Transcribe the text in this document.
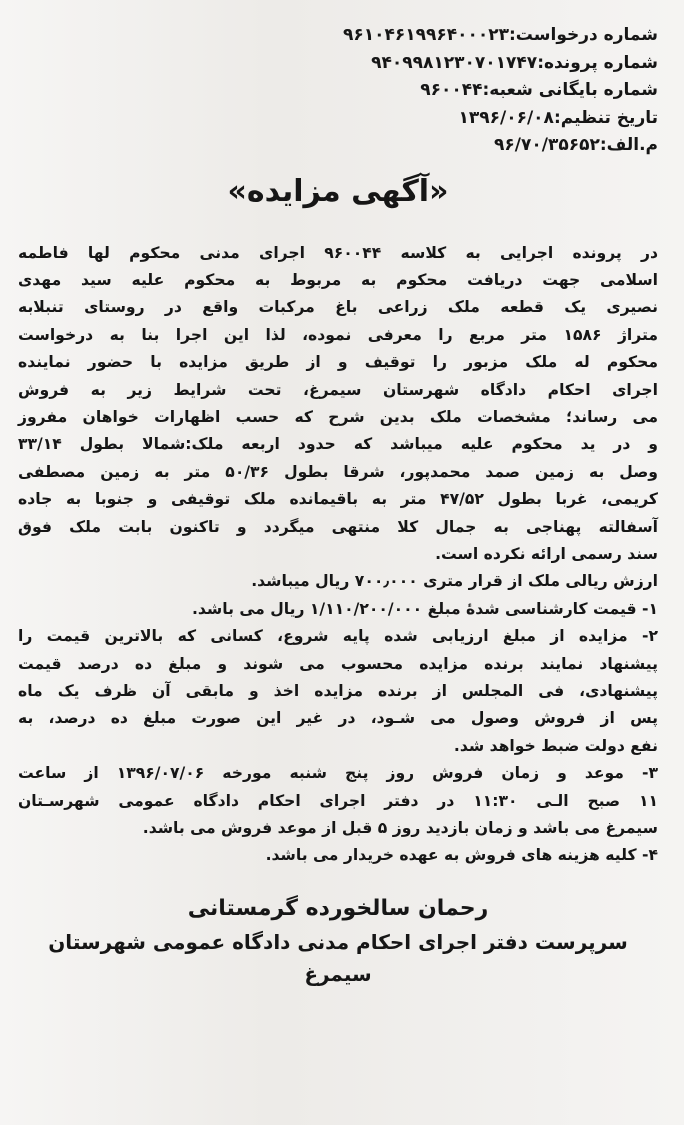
شماره درخواست:۹۶۱۰۴۶۱۹۹۶۴۰۰۰۲۳
شماره پرونده:۹۴۰۹۹۸۱۲۳۰۷۰۱۷۴۷
شماره بایگانی شعبه:۹۶۰۰۴۴
تاریخ تنظیم:۱۳۹۶/۰۶/۰۸
م.الف:۹۶/۷۰/۳۵۶۵۲
«آگهی مزایده»
در پرونده اجرایی به کلاسه ۹۶۰۰۴۴ اجرای مدنی محکوم لها فاطمه
اسلامی جهت دریافت محکوم به مربوط به محکوم علیه سید مهدی
نصیری یک قطعه ملک زراعی باغ مرکبات واقع در روستای تنبلابه
متراژ ۱۵۸۶ متر مربع را معرفی نموده، لذا این اجرا بنا به درخواست
محکوم له ملک مزبور را توقیف و از طریق مزایده با حضور نماینده
اجرای احکام دادگاه شهرستان سیمرغ، تحت شرایط زیر به فروش
می رساند؛ مشخصات ملک بدین شرح که حسب اظهارات خواهان مفروز
و در ید محکوم علیه میباشد که حدود اربعه ملک:شمالا بطول ۳۳/۱۴
وصل به زمین صمد محمدپور، شرقا بطول ۵۰/۳۶ متر به زمین مصطفی
کریمی، غربا بطول ۴۷/۵۲ متر به باقیمانده ملک توقیفی و جنوبا به جاده
آسفالته پهناجی به جمال کلا منتهی میگردد و تاکنون بابت ملک فوق
سند رسمی ارائه نکرده است.
ارزش ریالی ملک از قرار متری ۷۰۰٫۰۰۰ ریال میباشد.
۱- قیمت کارشناسی شدهٔ مبلغ ۱/۱۱۰/۲۰۰/۰۰۰ ریال می باشد.
۲- مزایده از مبلغ ارزیابی شده پایه شروع، کسانی که بالاترین قیمت را
پیشنهاد نمایند برنده مزایده محسوب می شوند و مبلغ ده درصد قیمت
پیشنهادی، فی المجلس از برنده مزایده اخذ و مابقی آن ظرف یک ماه
پس از فروش وصول می شـود، در غیر این صورت مبلغ ده درصد، به
نفع دولت ضبط خواهد شد.
۳- موعد و زمان فروش روز پنج شنبه مورخه ۱۳۹۶/۰۷/۰۶ از ساعت
۱۱ صبح الـی ۱۱:۳۰ در دفتر اجرای احکام دادگاه عمومی شهرسـتان
سیمرغ می باشد و زمان بازدید روز ۵ قبل از موعد فروش می باشد.
۴- کلیه هزینه های فروش به عهده خریدار می باشد.
رحمان سالخورده گرمستانی
سرپرست دفتر اجرای احکام مدنی دادگاه عمومی شهرستان سیمرغ
